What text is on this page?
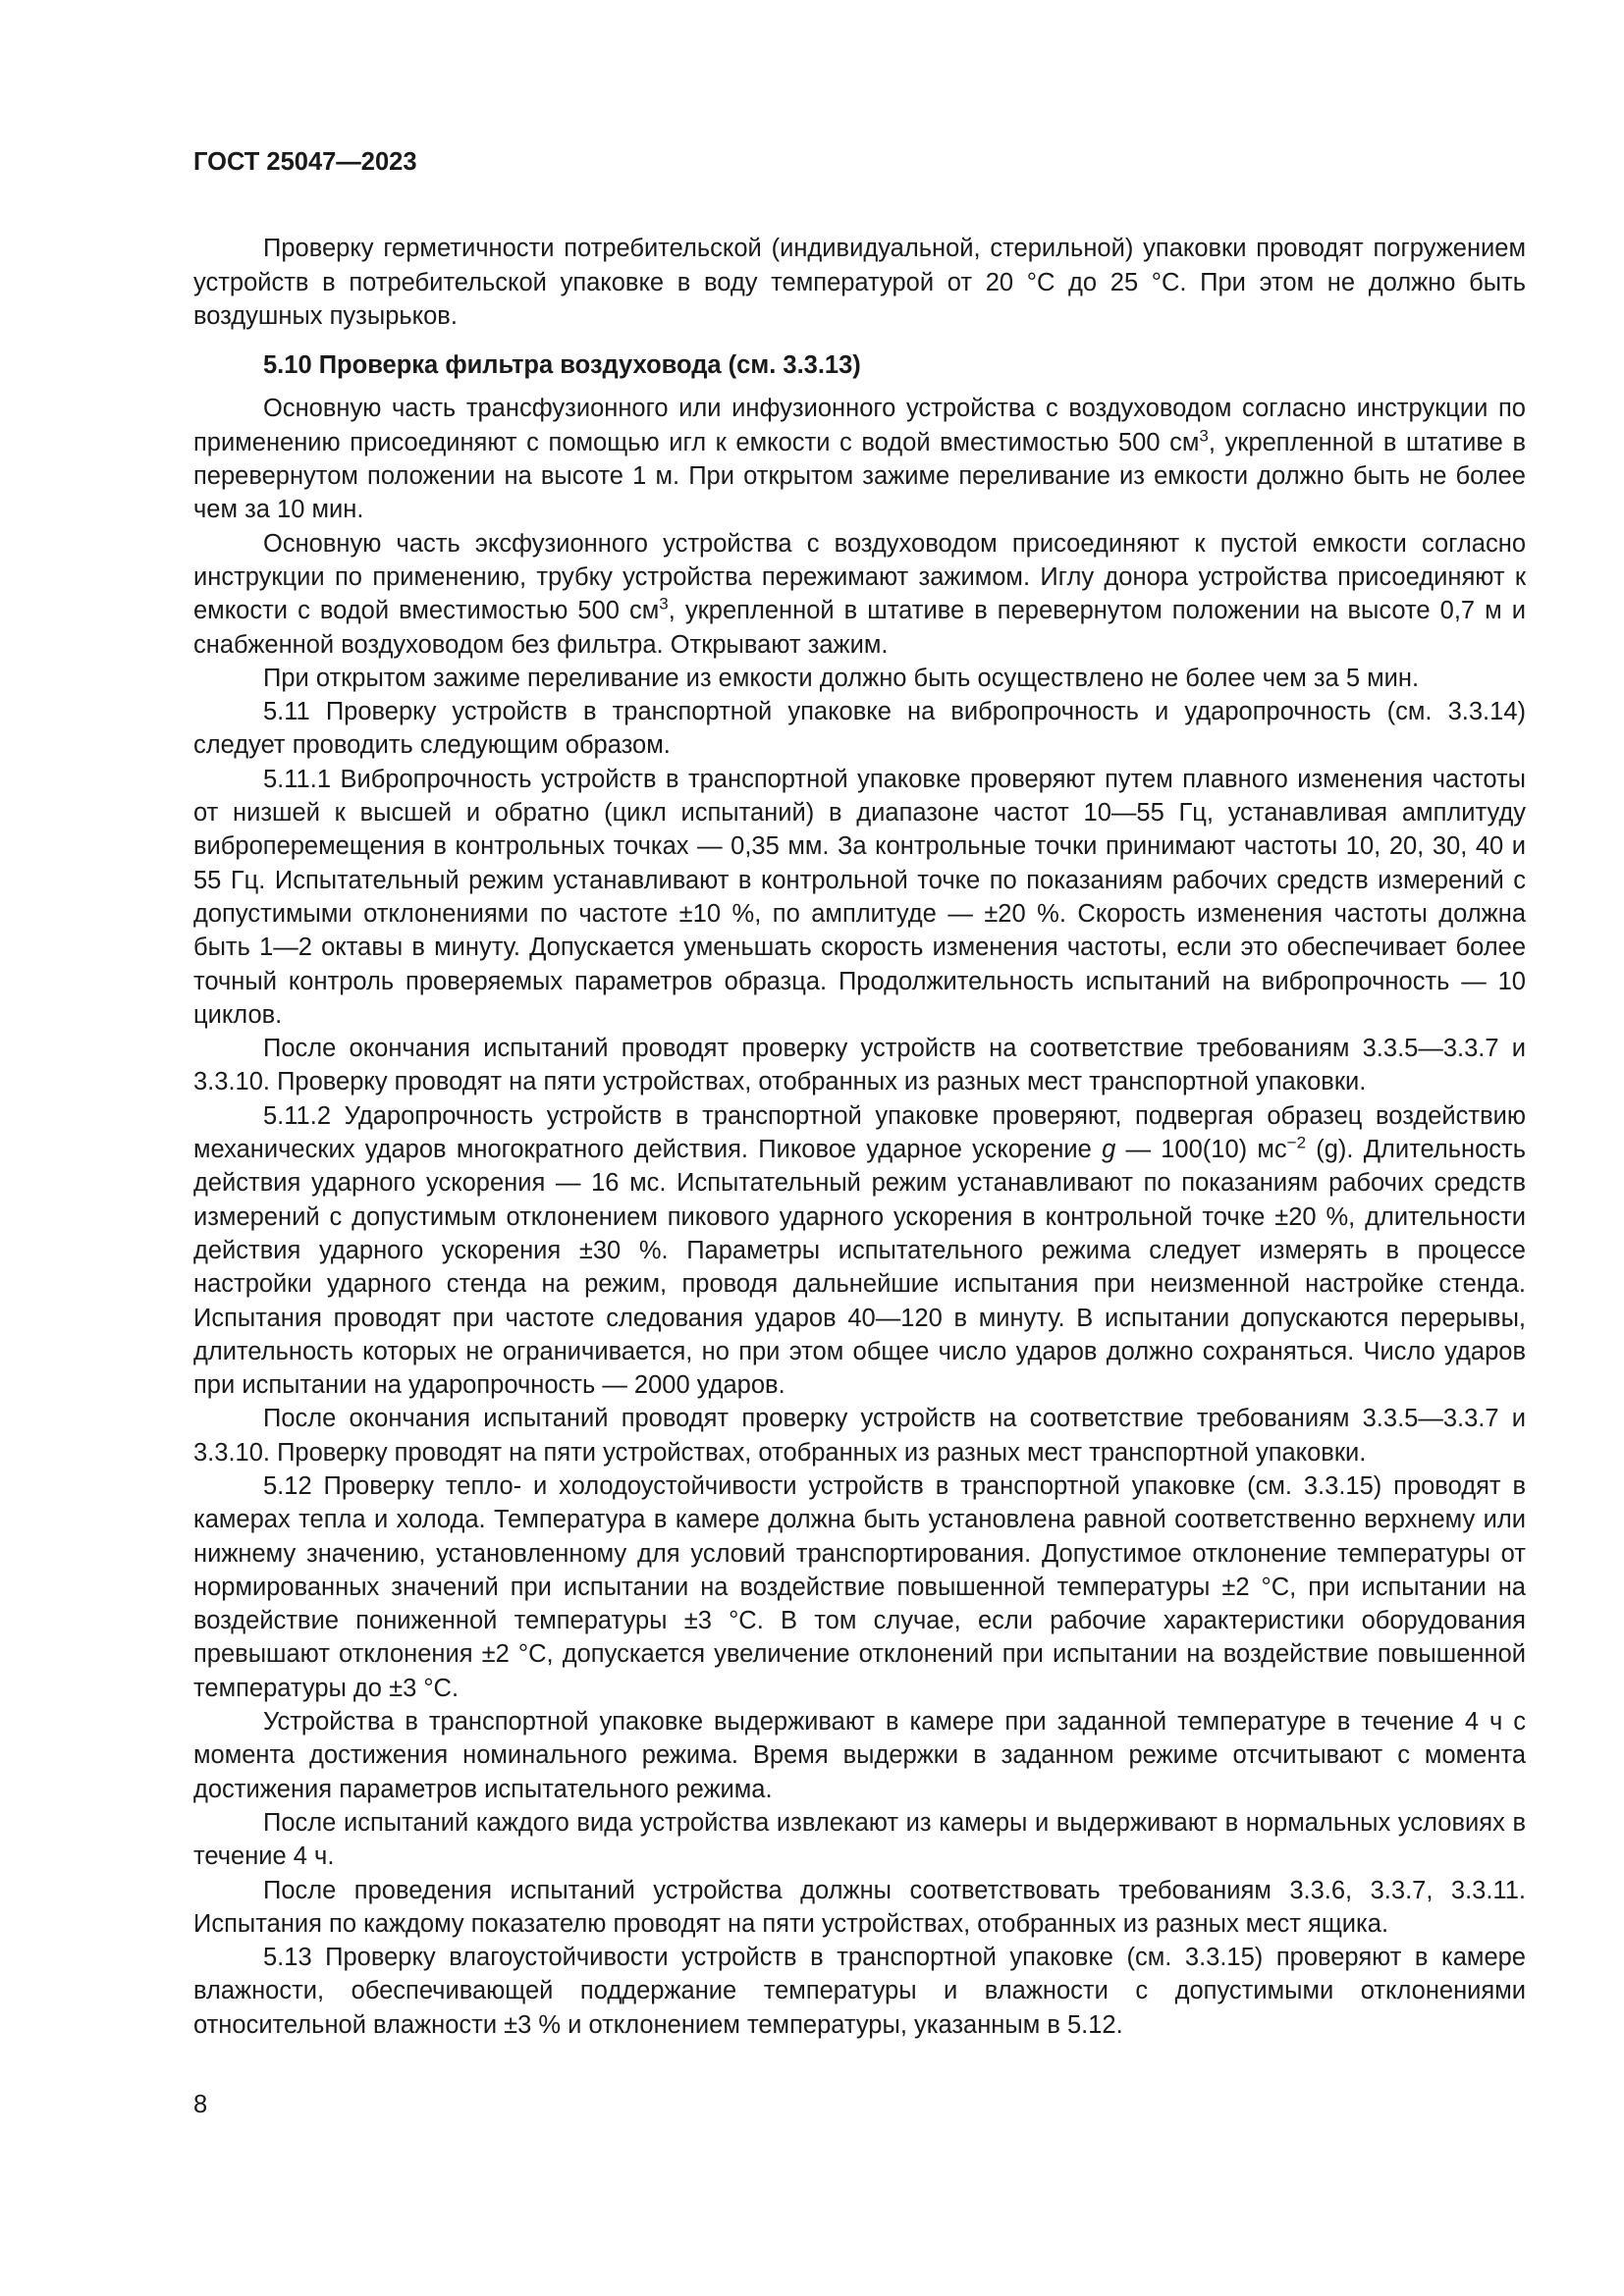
ГОСТ 25047—2023

Проверку герметичности потребительской (индивидуальной, стерильной) упаковки проводят погружением устройств в потребительской упаковке в воду температурой от 20 °С до 25 °С. При этом не должно быть воздушных пузырьков.

5.10 Проверка фильтра воздуховода (см. 3.3.13)

Основную часть трансфузионного или инфузионного устройства с воздуховодом согласно инструкции по применению присоединяют с помощью игл к емкости с водой вместимостью 500 $см^3$, укрепленной в штативе в перевернутом положении на высоте 1 м. При открытом зажиме переливание из емкости должно быть не более чем за 10 мин.

Основную часть эксфузионного устройства с воздуховодом присоединяют к пустой емкости согласно инструкции по применению, трубку устройства пережимают зажимом. Иглу донора устройства присоединяют к емкости с водой вместимостью 500 $см^3$, укрепленной в штативе в перевернутом положении на высоте 0,7 м и снабженной воздуховодом без фильтра. Открывают зажим.

При открытом зажиме переливание из емкости должно быть осуществлено не более чем за 5 мин.

5.11 Проверку устройств в транспортной упаковке на вибропрочность и ударопрочность (см. 3.3.14) следует проводить следующим образом.

5.11.1 Вибропрочность устройств в транспортной упаковке проверяют путем плавного изменения частоты от низшей к высшей и обратно (цикл испытаний) в диапазоне частот 10—55 Гц, устанавливая амплитуду виброперемещения в контрольных точках — 0,35 мм. За контрольные точки принимают частоты 10, 20, 30, 40 и 55 Гц. Испытательный режим устанавливают в контрольной точке по показаниям рабочих средств измерений с допустимыми отклонениями по частоте ±10 %, по амплитуде — ±20 %. Скорость изменения частоты должна быть 1—2 октавы в минуту. Допускается уменьшать скорость изменения частоты, если это обеспечивает более точный контроль проверяемых параметров образца. Продолжительность испытаний на вибропрочность — 10 циклов.

После окончания испытаний проводят проверку устройств на соответствие требованиям 3.3.5—3.3.7 и 3.3.10. Проверку проводят на пяти устройствах, отобранных из разных мест транспортной упаковки.

5.11.2 Ударопрочность устройств в транспортной упаковке проверяют, подвергая образец воздействию механических ударов многократного действия. Пиковое ударное ускорение g — 100(10) $мс^{-2}$ (g). Длительность действия ударного ускорения — 16 мс. Испытательный режим устанавливают по показаниям рабочих средств измерений с допустимым отклонением пикового ударного ускорения в контрольной точке ±20 %, длительности действия ударного ускорения ±30 %. Параметры испытательного режима следует измерять в процессе настройки ударного стенда на режим, проводя дальнейшие испытания при неизменной настройке стенда. Испытания проводят при частоте следования ударов 40—120 в минуту. В испытании допускаются перерывы, длительность которых не ограничивается, но при этом общее число ударов должно сохраняться. Число ударов при испытании на ударопрочность — 2000 ударов.

После окончания испытаний проводят проверку устройств на соответствие требованиям 3.3.5—3.3.7 и 3.3.10. Проверку проводят на пяти устройствах, отобранных из разных мест транспортной упаковки.

5.12 Проверку тепло- и холодоустойчивости устройств в транспортной упаковке (см. 3.3.15) проводят в камерах тепла и холода. Температура в камере должна быть установлена равной соответственно верхнему или нижнему значению, установленному для условий транспортирования. Допустимое отклонение температуры от нормированных значений при испытании на воздействие повышенной температуры ±2 °С, при испытании на воздействие пониженной температуры ±3 °С. В том случае, если рабочие характеристики оборудования превышают отклонения ±2 °С, допускается увеличение отклонений при испытании на воздействие повышенной температуры до ±3 °С.

Устройства в транспортной упаковке выдерживают в камере при заданной температуре в течение 4 ч с момента достижения номинального режима. Время выдержки в заданном режиме отсчитывают с момента достижения параметров испытательного режима.

После испытаний каждого вида устройства извлекают из камеры и выдерживают в нормальных условиях в течение 4 ч.

После проведения испытаний устройства должны соответствовать требованиям 3.3.6, 3.3.7, 3.3.11. Испытания по каждому показателю проводят на пяти устройствах, отобранных из разных мест ящика.

5.13 Проверку влагоустойчивости устройств в транспортной упаковке (см. 3.3.15) проверяют в камере влажности, обеспечивающей поддержание температуры и влажности с допустимыми отклонениями относительной влажности ±3 % и отклонением температуры, указанным в 5.12.

8
